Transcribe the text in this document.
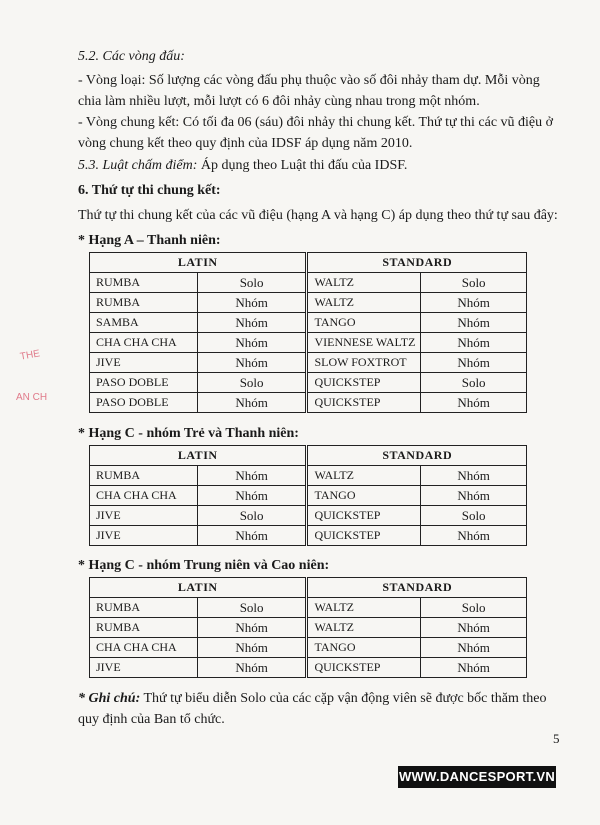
5.2. Các vòng đấu:

- Vòng loại: Số lượng các vòng đấu phụ thuộc vào số đôi nhảy tham dự. Mỗi vòng chia làm nhiều lượt, mỗi lượt có 6 đôi nhảy cùng nhau trong một nhóm.

- Vòng chung kết: Có tối đa 06 (sáu) đôi nhảy thi chung kết. Thứ tự thi các vũ điệu ở vòng chung kết theo quy định của IDSF áp dụng năm 2010.

5.3. Luật chấm điểm: Áp dụng theo Luật thi đấu của IDSF.

6. Thứ tự thi chung kết:

Thứ tự thi chung kết của các vũ điệu (hạng A và hạng C) áp dụng theo thứ tự sau đây:

* Hạng A – Thanh niên:

LATIN		STANDARD	
RUMBA	Solo	WALTZ	Solo
RUMBA	Nhóm	WALTZ	Nhóm
SAMBA	Nhóm	TANGO	Nhóm
CHA CHA CHA	Nhóm	VIENNESE WALTZ	Nhóm
JIVE	Nhóm	SLOW FOXTROT	Nhóm
PASO DOBLE	Solo	QUICKSTEP	Solo
PASO DOBLE	Nhóm	QUICKSTEP	Nhóm

* Hạng C - nhóm Trẻ và Thanh niên:

LATIN		STANDARD	
RUMBA	Nhóm	WALTZ	Nhóm
CHA CHA CHA	Nhóm	TANGO	Nhóm
JIVE	Solo	QUICKSTEP	Solo
JIVE	Nhóm	QUICKSTEP	Nhóm

* Hạng C - nhóm Trung niên và Cao niên:

LATIN		STANDARD	
RUMBA	Solo	WALTZ	Solo
RUMBA	Nhóm	WALTZ	Nhóm
CHA CHA CHA	Nhóm	TANGO	Nhóm
JIVE	Nhóm	QUICKSTEP	Nhóm

* Ghi chú: Thứ tự biểu diễn Solo của các cặp vận động viên sẽ được bốc thăm theo quy định của Ban tổ chức.

5
WWW.DANCESPORT.VN
THE
AN CH
